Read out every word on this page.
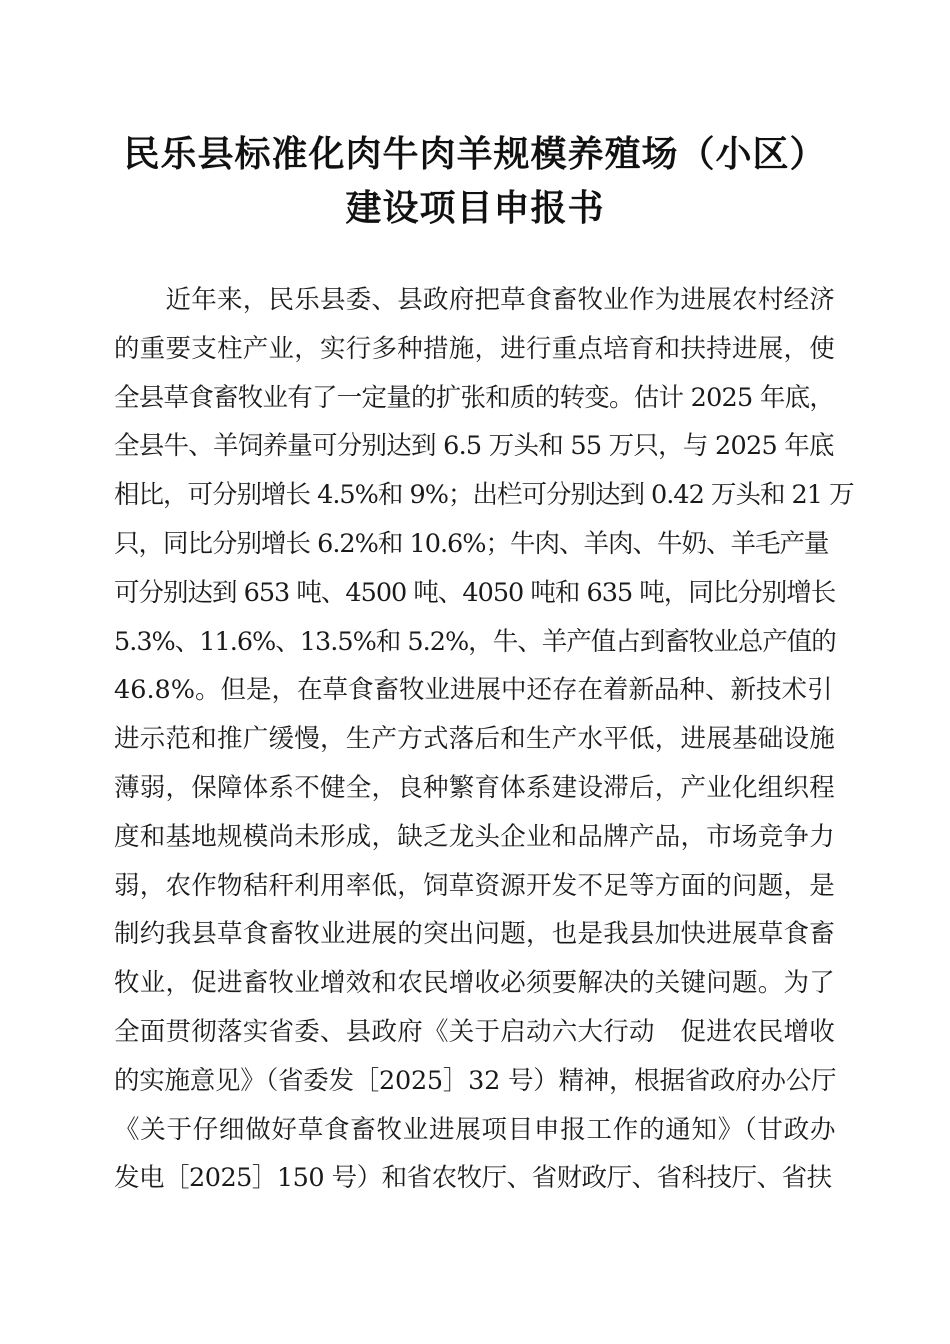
民乐县标准化肉牛肉羊规模养殖场（小区）
建设项目申报书
　　近年来，民乐县委、县政府把草食畜牧业作为进展农村经济
的重要支柱产业，实行多种措施，进行重点培育和扶持进展，使
全县草食畜牧业有了一定量的扩张和质的转变。估计 2025 年底，
全县牛、羊饲养量可分别达到 6.5 万头和 55 万只，与 2025 年底
相比，可分别增长 4.5%和 9%；出栏可分别达到 0.42 万头和 21 万
只，同比分别增长 6.2%和 10.6%；牛肉、羊肉、牛奶、羊毛产量
可分别达到 653 吨、4500 吨、4050 吨和 635 吨，同比分别增长
5.3%、11.6%、13.5%和 5.2%，牛、羊产值占到畜牧业总产值的
46.8%。但是，在草食畜牧业进展中还存在着新品种、新技术引
进示范和推广缓慢，生产方式落后和生产水平低，进展基础设施
薄弱，保障体系不健全，良种繁育体系建设滞后，产业化组织程
度和基地规模尚未形成，缺乏龙头企业和品牌产品，市场竞争力
弱，农作物秸秆利用率低，饲草资源开发不足等方面的问题，是
制约我县草食畜牧业进展的突出问题，也是我县加快进展草食畜
牧业，促进畜牧业增效和农民增收必须要解决的关键问题。为了
全面贯彻落实省委、县政府《关于启动六大行动　促进农民增收
的实施意见》（省委发［2025］32 号）精神，根据省政府办公厅
《关于仔细做好草食畜牧业进展项目申报工作的通知》（甘政办
发电［2025］150 号）和省农牧厅、省财政厅、省科技厅、省扶
